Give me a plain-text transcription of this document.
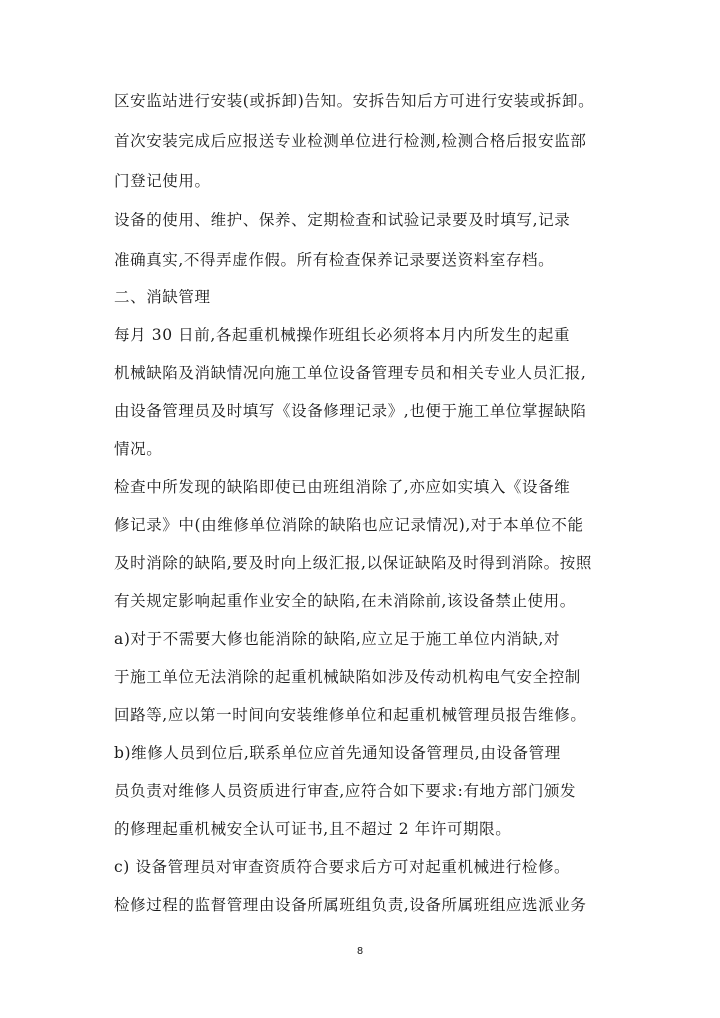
区安监站进行安装(或拆卸)告知。安拆告知后方可进行安装或拆卸。

首次安装完成后应报送专业检测单位进行检测,检测合格后报安监部

门登记使用。

设备的使用、维护、保养、定期检查和试验记录要及时填写,记录

准确真实,不得弄虚作假。所有检查保养记录要送资料室存档。

二、消缺管理

每月 30 日前,各起重机械操作班组长必须将本月内所发生的起重

机械缺陷及消缺情况向施工单位设备管理专员和相关专业人员汇报,

由设备管理员及时填写《设备修理记录》,也便于施工单位掌握缺陷

情况。

检查中所发现的缺陷即使已由班组消除了,亦应如实填入《设备维

修记录》中(由维修单位消除的缺陷也应记录情况),对于本单位不能

及时消除的缺陷,要及时向上级汇报,以保证缺陷及时得到消除。按照

有关规定影响起重作业安全的缺陷,在未消除前,该设备禁止使用。

a)对于不需要大修也能消除的缺陷,应立足于施工单位内消缺,对

于施工单位无法消除的起重机械缺陷如涉及传动机构电气安全控制

回路等,应以第一时间向安装维修单位和起重机械管理员报告维修。

b)维修人员到位后,联系单位应首先通知设备管理员,由设备管理

员负责对维修人员资质进行审查,应符合如下要求:有地方部门颁发

的修理起重机械安全认可证书,且不超过 2 年许可期限。

c) 设备管理员对审查资质符合要求后方可对起重机械进行检修。

检修过程的监督管理由设备所属班组负责,设备所属班组应选派业务

8
